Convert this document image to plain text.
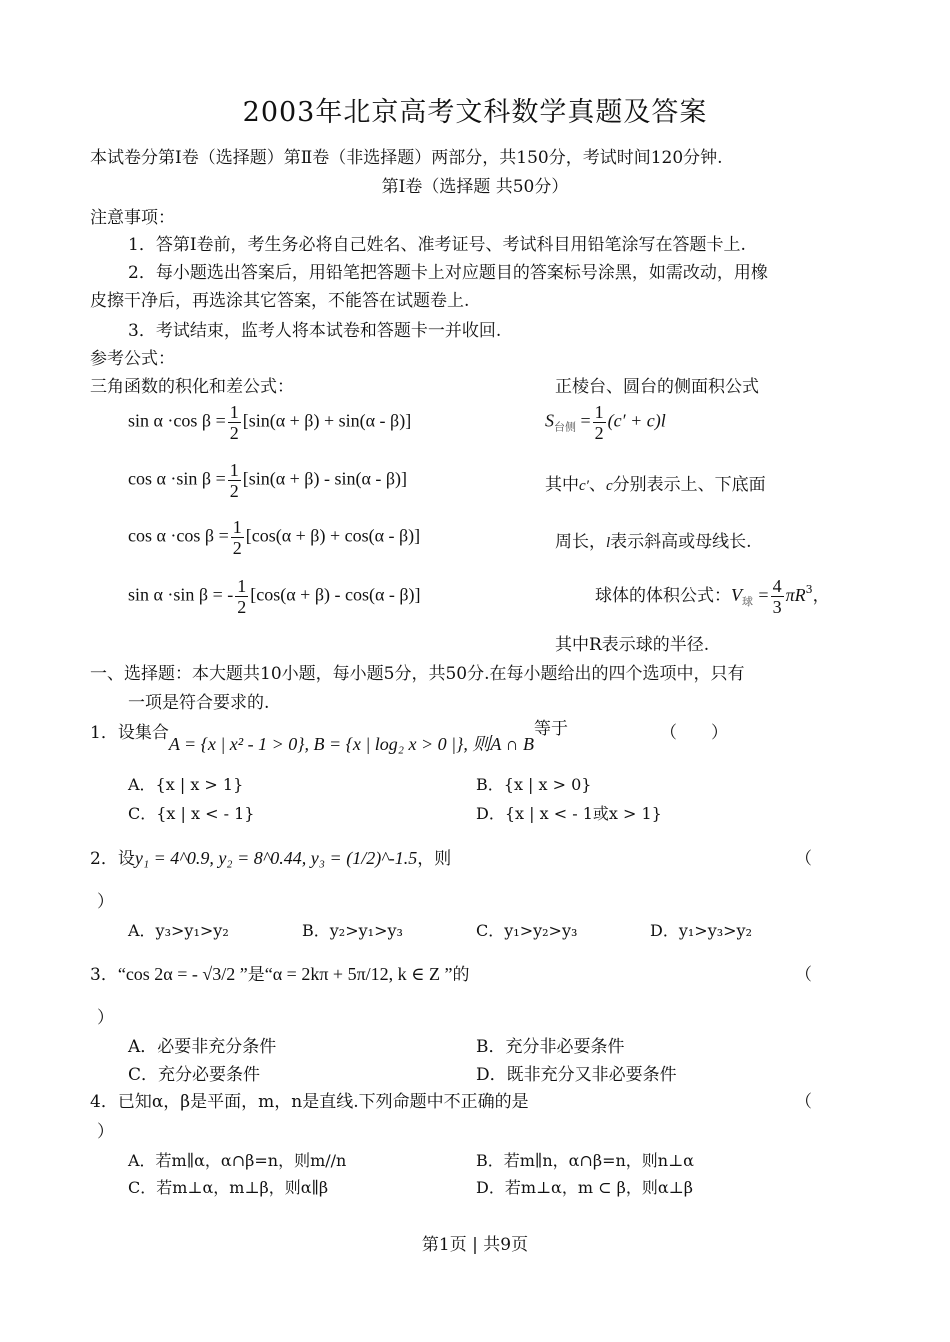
2003年北京高考文科数学真题及答案
本试卷分第Ⅰ卷（选择题）第Ⅱ卷（非选择题）两部分，共150分，考试时间120分钟.
第Ⅰ卷（选择题 共50分）
注意事项：
1．答第Ⅰ卷前，考生务必将自己姓名、准考证号、考试科目用铅笔涂写在答题卡上.
2．每小题选出答案后，用铅笔把答题卡上对应题目的答案标号涂黑，如需改动，用橡
皮擦干净后，再选涂其它答案，不能答在试题卷上.
3．考试结束，监考人将本试卷和答题卡一并收回.
参考公式：
三角函数的积化和差公式：	正棱台、圆台的侧面积公式
sin α ·cos $\beta = \frac{1}{2} [\sin(\alpha + \beta) + \sin(\alpha - \beta)]$
cos α ·sin $\beta = \frac{1}{2} [\sin(\alpha + \beta) - \sin(\alpha - \beta)]$
cos α ·cos $\beta = \frac{1}{2} [\cos(\alpha + \beta) + \cos(\alpha - \beta)]$
sin α ·sin β = - $\frac{1}{2} [\cos(\alpha + \beta) - \cos(\alpha - \beta)]$
$S_{台侧} = \frac{1}{2} (c' + c)l$
其中c′、c分别表示上、下底面
周长，l表示斜高或母线长.
球体的体积公式：$V_球 = \frac{4}{3} \pi R^3$，
其中R表示球的半径.
一、选择题：本大题共10小题，每小题5分，共50分.在每小题给出的四个选项中，只有
一项是符合要求的.
1．设集合A = {x | x² - 1 > 0}, B = {x | log₂ x > 0 |}, 则A ∩ B等于	（　　）
A．{x | x > 1}	B．{x | x > 0}
C．{x | x < - 1}	D．{x | x < - 1或x > 1}
2．设y₁ = 4^0.9, y₂ = 8^0.44, y₃ = (1/2)^-1.5，则	（
）
A．y₃>y₁>y₂	B．y₂>y₁>y₃	C．y₁>y₂>y₃	D．y₁>y₃>y₂
3．“cos 2α = - √3/2 ”是“α = 2kπ + 5π/12, k ∈ Z ”的	（
）
A．必要非充分条件	B．充分非必要条件
C．充分必要条件	D．既非充分又非必要条件
4．已知α，β是平面，m，n是直线.下列命题中不正确的是	（
）
A．若m∥α，α∩β=n，则m//n	B．若m∥n，α∩β=n，则n⊥α
C．若m⊥α，m⊥β，则α∥β	D．若m⊥α，m ⊂ β，则α⊥β
第1页 | 共9页
